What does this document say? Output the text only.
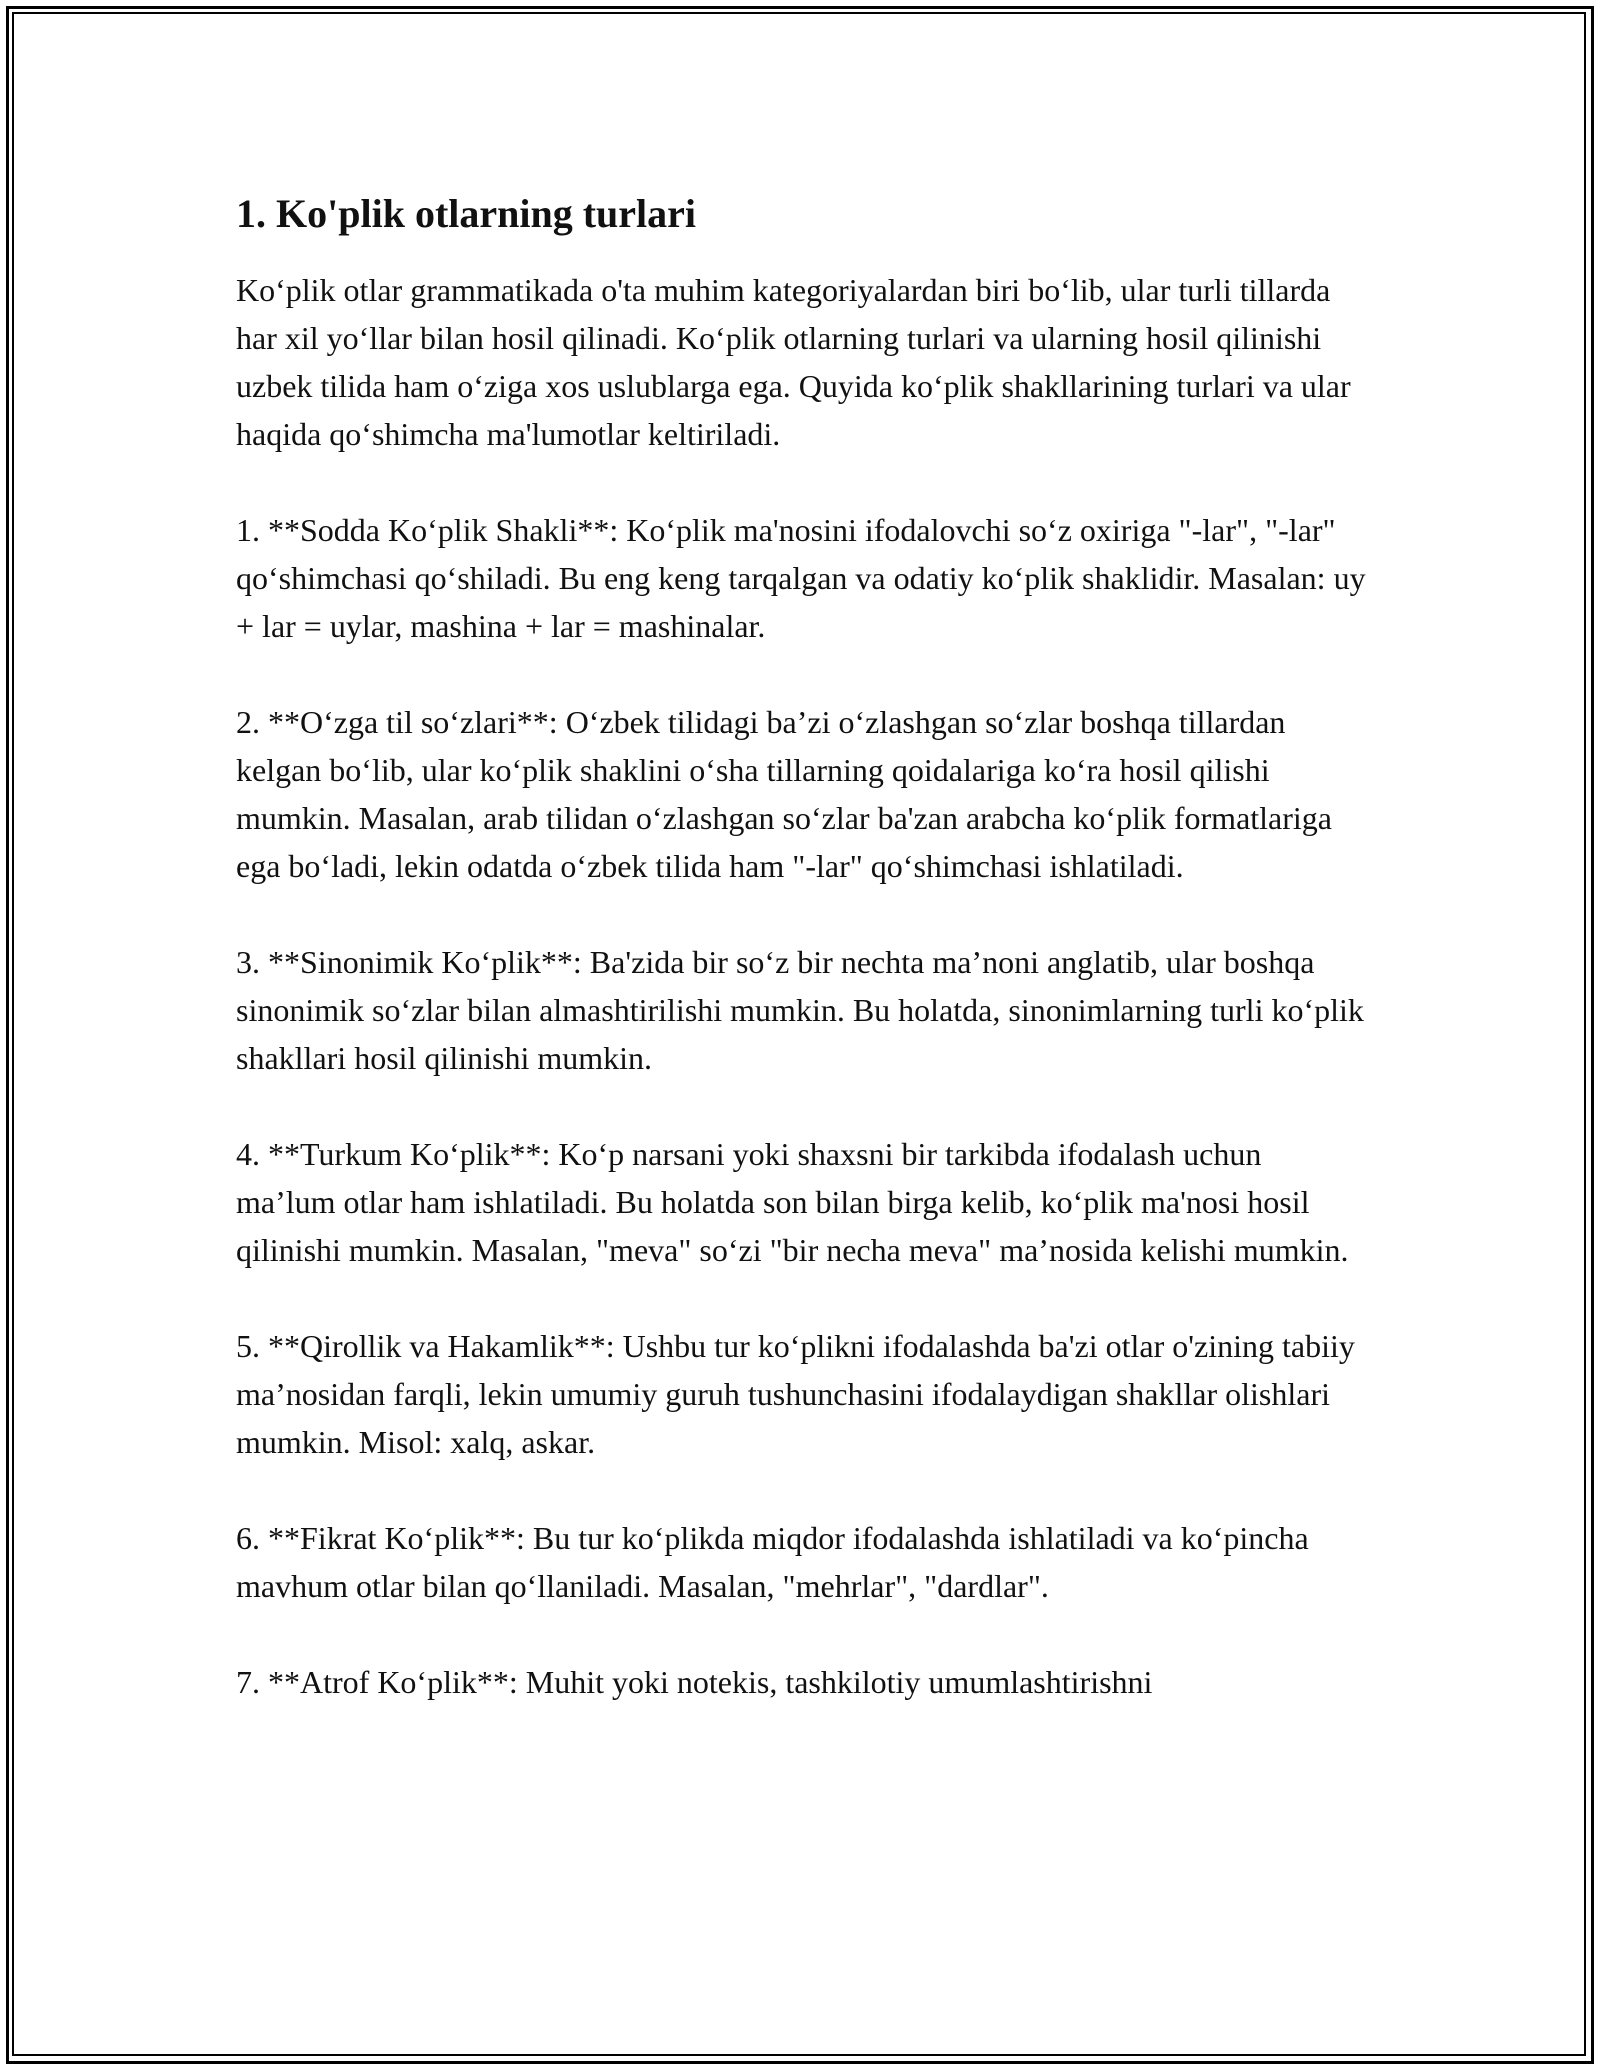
1. Ko'plik otlarning turlari

Ko‘plik otlar grammatikada o'ta muhim kategoriyalardan biri bo‘lib, ular turli tillarda har xil yo‘llar bilan hosil qilinadi. Ko‘plik otlarning turlari va ularning hosil qilinishi uzbek tilida ham o‘ziga xos uslublarga ega. Quyida ko‘plik shakllarining turlari va ular haqida qo‘shimcha ma'lumotlar keltiriladi.

1. **Sodda Ko‘plik Shakli**: Ko‘plik ma'nosini ifodalovchi so‘z oxiriga "-lar", "-lar" qo‘shimchasi qo‘shiladi. Bu eng keng tarqalgan va odatiy ko‘plik shaklidir. Masalan: uy + lar = uylar, mashina + lar = mashinalar.

2. **O‘zga til so‘zlari**: O‘zbek tilidagi ba’zi o‘zlashgan so‘zlar boshqa tillardan kelgan bo‘lib, ular ko‘plik shaklini o‘sha tillarning qoidalariga ko‘ra hosil qilishi mumkin. Masalan, arab tilidan o‘zlashgan so‘zlar ba'zan arabcha ko‘plik formatlariga ega bo‘ladi, lekin odatda o‘zbek tilida ham "-lar" qo‘shimchasi ishlatiladi.

3. **Sinonimik Ko‘plik**: Ba'zida bir so‘z bir nechta ma’noni anglatib, ular boshqa sinonimik so‘zlar bilan almashtirilishi mumkin. Bu holatda, sinonimlarning turli ko‘plik shakllari hosil qilinishi mumkin.

4. **Turkum Ko‘plik**: Ko‘p narsani yoki shaxsni bir tarkibda ifodalash uchun ma’lum otlar ham ishlatiladi. Bu holatda son bilan birga kelib, ko‘plik ma'nosi hosil qilinishi mumkin. Masalan, "meva" so‘zi "bir necha meva" ma’nosida kelishi mumkin.

5. **Qirollik va Hakamlik**: Ushbu tur ko‘plikni ifodalashda ba'zi otlar o'zining tabiiy ma’nosidan farqli, lekin umumiy guruh tushunchasini ifodalaydigan shakllar olishlari mumkin. Misol: xalq, askar.

6. **Fikrat Ko‘plik**: Bu tur ko‘plikda miqdor ifodalashda ishlatiladi va ko‘pincha mavhum otlar bilan qo‘llaniladi. Masalan, "mehrlar", "dardlar".

7. **Atrof Ko‘plik**: Muhit yoki notekis, tashkilotiy umumlashtirishni
